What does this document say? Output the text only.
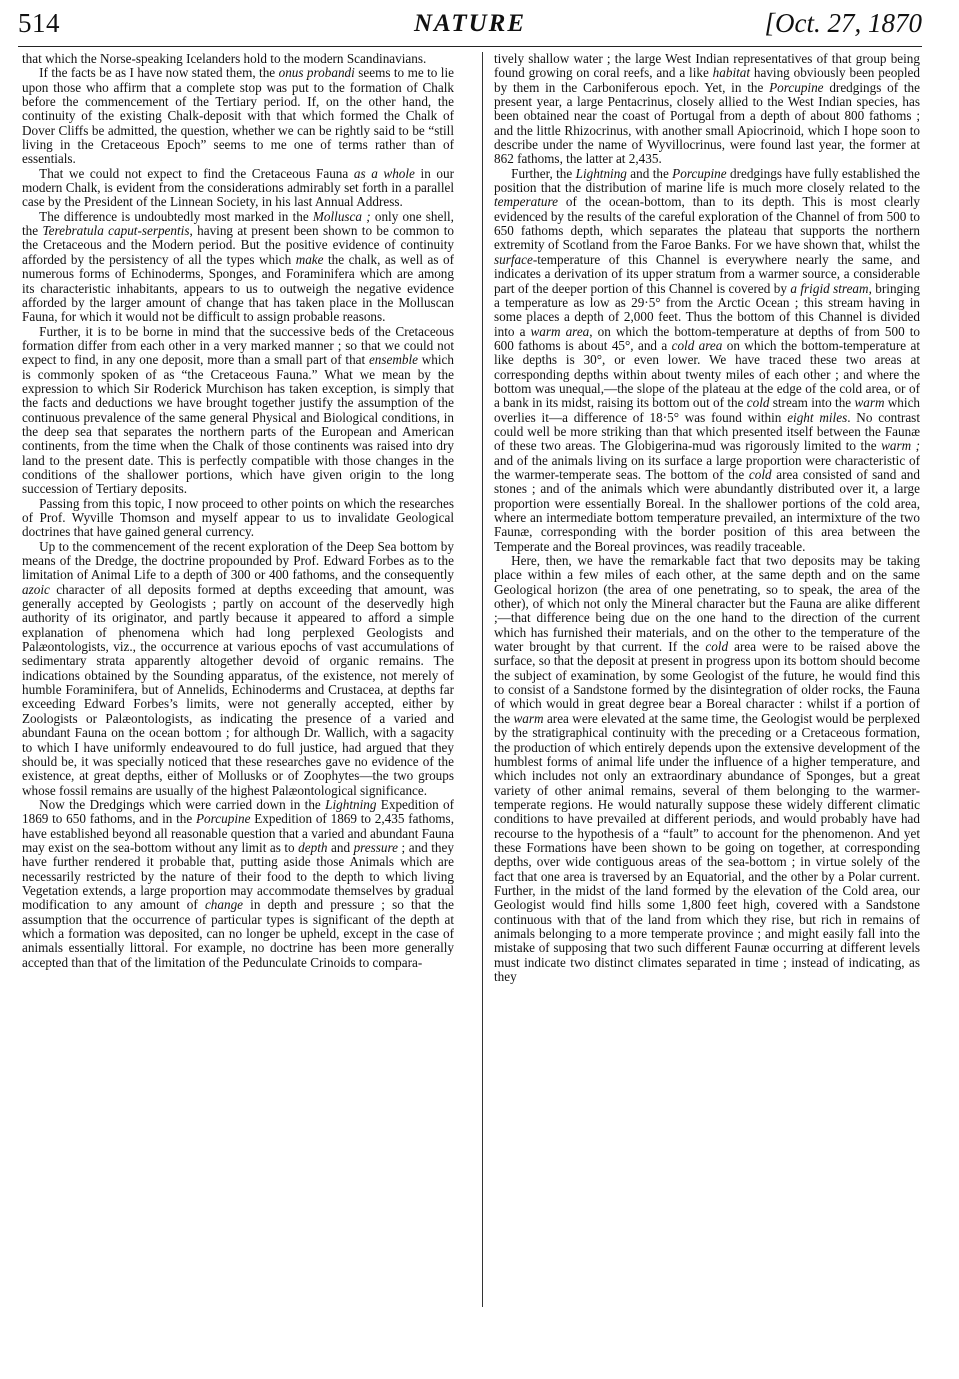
514	NATURE	[Oct. 27, 1870

that which the Norse-speaking Icelanders hold to the modern Scandinavians.

If the facts be as I have now stated them, the onus probandi seems to me to lie upon those who affirm that a complete stop was put to the formation of Chalk before the commencement of the Tertiary period. If, on the other hand, the continuity of the existing Chalk-deposit with that which formed the Chalk of Dover Cliffs be admitted, the question, whether we can be rightly said to be “still living in the Cretaceous Epoch” seems to me one of terms rather than of essentials.

That we could not expect to find the Cretaceous Fauna as a whole in our modern Chalk, is evident from the considerations admirably set forth in a parallel case by the President of the Linnean Society, in his last Annual Address.

The difference is undoubtedly most marked in the Mollusca ; only one shell, the Terebratula caput-serpentis, having at present been shown to be common to the Cretaceous and the Modern period. But the positive evidence of continuity afforded by the persistency of all the types which make the chalk, as well as of numerous forms of Echinoderms, Sponges, and Foraminifera which are among its characteristic inhabitants, appears to us to outweigh the negative evidence afforded by the larger amount of change that has taken place in the Molluscan Fauna, for which it would not be difficult to assign probable reasons.

Further, it is to be borne in mind that the successive beds of the Cretaceous formation differ from each other in a very marked manner ; so that we could not expect to find, in any one deposit, more than a small part of that ensemble which is commonly spoken of as “the Cretaceous Fauna.” What we mean by the expression to which Sir Roderick Murchison has taken exception, is simply that the facts and deductions we have brought together justify the assumption of the continuous prevalence of the same general Physical and Biological conditions, in the deep sea that separates the northern parts of the European and American continents, from the time when the Chalk of those continents was raised into dry land to the present date. This is perfectly compatible with those changes in the conditions of the shallower portions, which have given origin to the long succession of Tertiary deposits.

Passing from this topic, I now proceed to other points on which the researches of Prof. Wyville Thomson and myself appear to us to invalidate Geological doctrines that have gained general currency.

Up to the commencement of the recent exploration of the Deep Sea bottom by means of the Dredge, the doctrine propounded by Prof. Edward Forbes as to the limitation of Animal Life to a depth of 300 or 400 fathoms, and the consequently azoic character of all deposits formed at depths exceeding that amount, was generally accepted by Geologists ; partly on account of the deservedly high authority of its originator, and partly because it appeared to afford a simple explanation of phenomena which had long perplexed Geologists and Palæontologists, viz., the occurrence at various epochs of vast accumulations of sedimentary strata apparently altogether devoid of organic remains. The indications obtained by the Sounding apparatus, of the existence, not merely of humble Foraminifera, but of Annelids, Echinoderms and Crustacea, at depths far exceeding Edward Forbes’s limits, were not generally accepted, either by Zoologists or Palæontologists, as indicating the presence of a varied and abundant Fauna on the ocean bottom ; for although Dr. Wallich, with a sagacity to which I have uniformly endeavoured to do full justice, had argued that they should be, it was specially noticed that these researches gave no evidence of the existence, at great depths, either of Mollusks or of Zoophytes—the two groups whose fossil remains are usually of the highest Palæontological significance.

Now the Dredgings which were carried down in the Lightning Expedition of 1869 to 650 fathoms, and in the Porcupine Expedition of 1869 to 2,435 fathoms, have established beyond all reasonable question that a varied and abundant Fauna may exist on the sea-bottom without any limit as to depth and pressure ; and they have further rendered it probable that, putting aside those Animals which are necessarily restricted by the nature of their food to the depth to which living Vegetation extends, a large proportion may accommodate themselves by gradual modification to any amount of change in depth and pressure ; so that the assumption that the occurrence of particular types is significant of the depth at which a formation was deposited, can no longer be upheld, except in the case of animals essentially littoral. For example, no doctrine has been more generally accepted than that of the limitation of the Pedunculate Crinoids to compara-

tively shallow water ; the large West Indian representatives of that group being found growing on coral reefs, and a like habitat having obviously been peopled by them in the Carboniferous epoch. Yet, in the Porcupine dredgings of the present year, a large Pentacrinus, closely allied to the West Indian species, has been obtained near the coast of Portugal from a depth of about 800 fathoms ; and the little Rhizocrinus, with another small Apiocrinoid, which I hope soon to describe under the name of Wyvillocrinus, were found last year, the former at 862 fathoms, the latter at 2,435.

Further, the Lightning and the Porcupine dredgings have fully established the position that the distribution of marine life is much more closely related to the temperature of the ocean-bottom, than to its depth. This is most clearly evidenced by the results of the careful exploration of the Channel of from 500 to 650 fathoms depth, which separates the plateau that supports the northern extremity of Scotland from the Faroe Banks. For we have shown that, whilst the surface-temperature of this Channel is everywhere nearly the same, and indicates a derivation of its upper stratum from a warmer source, a considerable part of the deeper portion of this Channel is covered by a frigid stream, bringing a temperature as low as 29·5° from the Arctic Ocean ; this stream having in some places a depth of 2,000 feet. Thus the bottom of this Channel is divided into a warm area, on which the bottom-temperature at depths of from 500 to 600 fathoms is about 45°, and a cold area on which the bottom-temperature at like depths is 30°, or even lower. We have traced these two areas at corresponding depths within about twenty miles of each other ; and where the bottom was unequal,—the slope of the plateau at the edge of the cold area, or of a bank in its midst, raising its bottom out of the cold stream into the warm which overlies it—a difference of 18·5° was found within eight miles. No contrast could well be more striking than that which presented itself between the Faunæ of these two areas. The Globigerina-mud was rigorously limited to the warm ; and of the animals living on its surface a large proportion were characteristic of the warmer-temperate seas. The bottom of the cold area consisted of sand and stones ; and of the animals which were abundantly distributed over it, a large proportion were essentially Boreal. In the shallower portions of the cold area, where an intermediate bottom temperature prevailed, an intermixture of the two Faunæ, corresponding with the border position of this area between the Temperate and the Boreal provinces, was readily traceable.

Here, then, we have the remarkable fact that two deposits may be taking place within a few miles of each other, at the same depth and on the same Geological horizon (the area of one penetrating, so to speak, the area of the other), of which not only the Mineral character but the Fauna are alike different ;—that difference being due on the one hand to the direction of the current which has furnished their materials, and on the other to the temperature of the water brought by that current. If the cold area were to be raised above the surface, so that the deposit at present in progress upon its bottom should become the subject of examination, by some Geologist of the future, he would find this to consist of a Sandstone formed by the disintegration of older rocks, the Fauna of which would in great degree bear a Boreal character : whilst if a portion of the warm area were elevated at the same time, the Geologist would be perplexed by the stratigraphical continuity with the preceding or a Cretaceous formation, the production of which entirely depends upon the extensive development of the humblest forms of animal life under the influence of a higher temperature, and which includes not only an extraordinary abundance of Sponges, but a great variety of other animal remains, several of them belonging to the warmer-temperate regions. He would naturally suppose these widely different climatic conditions to have prevailed at different periods, and would probably have had recourse to the hypothesis of a “fault” to account for the phenomenon. And yet these Formations have been shown to be going on together, at corresponding depths, over wide contiguous areas of the sea-bottom ; in virtue solely of the fact that one area is traversed by an Equatorial, and the other by a Polar current. Further, in the midst of the land formed by the elevation of the Cold area, our Geologist would find hills some 1,800 feet high, covered with a Sandstone continuous with that of the land from which they rise, but rich in remains of animals belonging to a more temperate province ; and might easily fall into the mistake of supposing that two such different Faunæ occurring at different levels must indicate two distinct climates separated in time ; instead of indicating, as they
